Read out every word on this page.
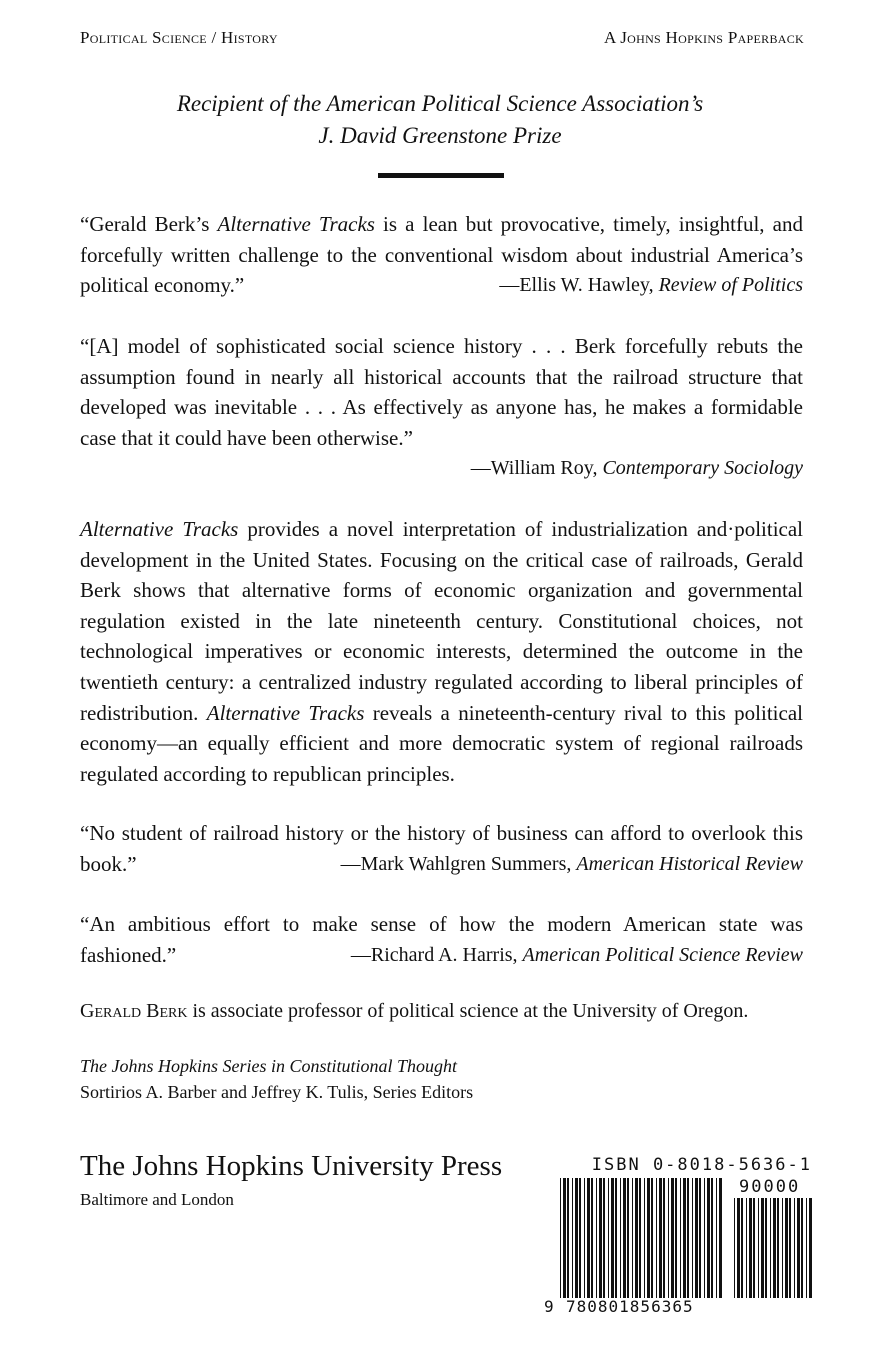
Political Science / History	A Johns Hopkins Paperback
Recipient of the American Political Science Association’s
J. David Greenstone Prize
“Gerald Berk’s Alternative Tracks is a lean but provocative, timely, insightful, and forcefully written challenge to the conventional wisdom about industrial America’s political economy.”	—Ellis W. Hawley, Review of Politics
“[A] model of sophisticated social science history . . . Berk forcefully rebuts the assumption found in nearly all historical accounts that the railroad structure that developed was inevitable . . . As effectively as anyone has, he makes a formidable case that it could have been otherwise.”
—William Roy, Contemporary Sociology
Alternative Tracks provides a novel interpretation of industrialization and·political development in the United States. Focusing on the critical case of railroads, Gerald Berk shows that alternative forms of economic organization and governmental regulation existed in the late nineteenth century. Constitutional choices, not technological imperatives or economic interests, determined the outcome in the twentieth century: a centralized industry regulated according to liberal principles of redistribution. Alternative Tracks reveals a nineteenth-century rival to this political economy—an equally efficient and more democratic system of regional railroads regulated according to republican principles.
“No student of railroad history or the history of business can afford to overlook this book.”	—Mark Wahlgren Summers, American Historical Review
“An ambitious effort to make sense of how the modern American state was fashioned.”	—Richard A. Harris, American Political Science Review
Gerald Berk is associate professor of political science at the University of Oregon.
The Johns Hopkins Series in Constitutional Thought
Sortirios A. Barber and Jeffrey K. Tulis, Series Editors
The Johns Hopkins University Press
Baltimore and London
ISBN 0-8018-5636-1
9 780801856365
90000
